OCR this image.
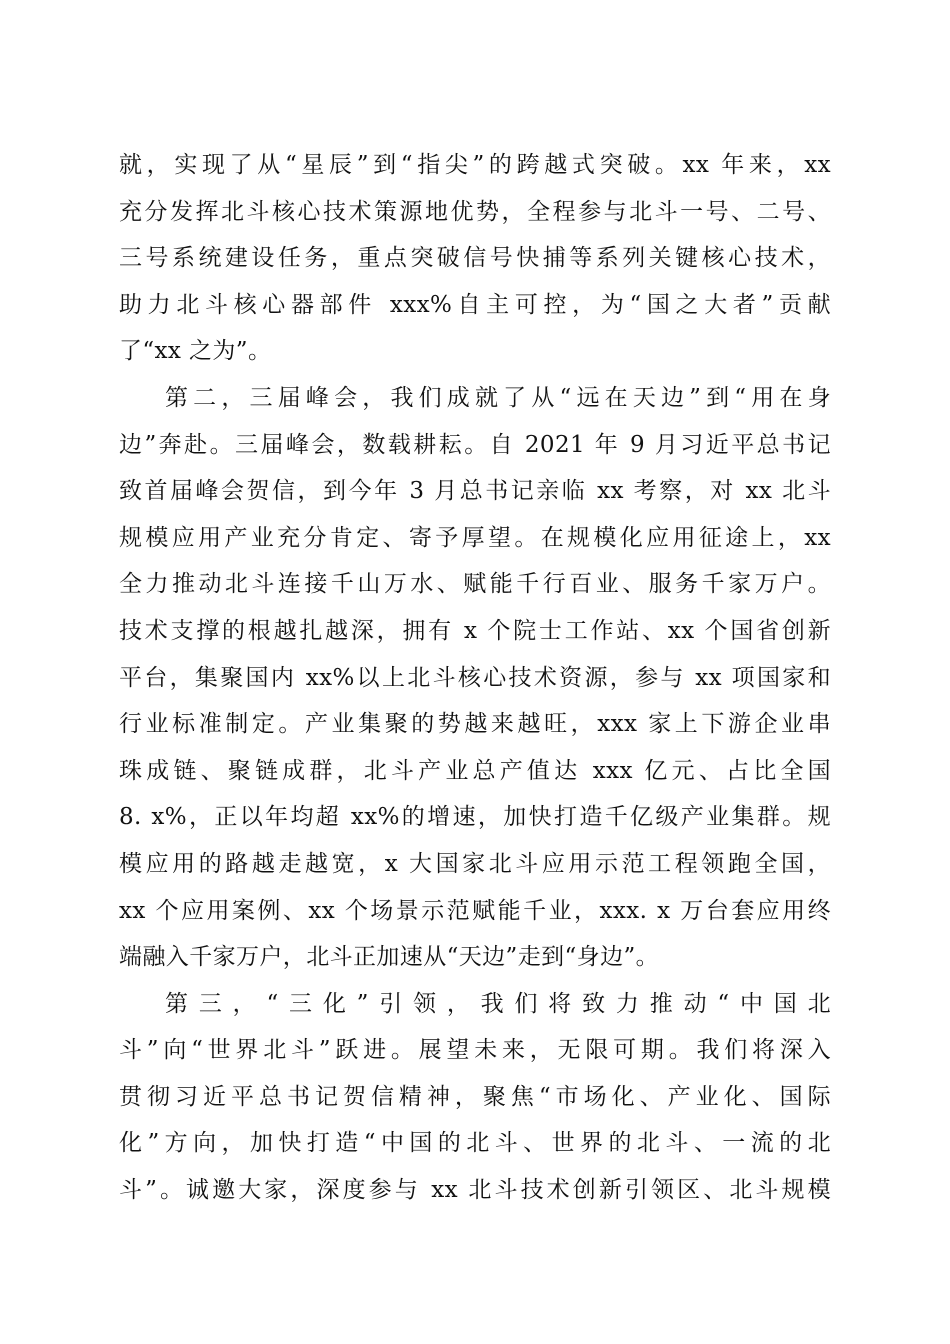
就，实现了从“星辰”到“指尖”的跨越式突破。xx 年来，xx
充分发挥北斗核心技术策源地优势，全程参与北斗一号、二号、
三号系统建设任务，重点突破信号快捕等系列关键核心技术，
助力北斗核心器部件 xxx%自主可控，为“国之大者”贡献
了“xx 之为”。

第二，三届峰会，我们成就了从“远在天边”到“用在身
边”奔赴。三届峰会，数载耕耘。自 2021 年 9 月习近平总书记
致首届峰会贺信，到今年 3 月总书记亲临 xx 考察，对 xx 北斗
规模应用产业充分肯定、寄予厚望。在规模化应用征途上，xx
全力推动北斗连接千山万水、赋能千行百业、服务千家万户。
技术支撑的根越扎越深，拥有 x 个院士工作站、xx 个国省创新
平台，集聚国内 xx%以上北斗核心技术资源，参与 xx 项国家和
行业标准制定。产业集聚的势越来越旺，xxx 家上下游企业串
珠成链、聚链成群，北斗产业总产值达 xxx 亿元、占比全国
8. x%，正以年均超 xx%的增速，加快打造千亿级产业集群。规
模应用的路越走越宽，x 大国家北斗应用示范工程领跑全国，
xx 个应用案例、xx 个场景示范赋能千业，xxx. x 万台套应用终
端融入千家万户，北斗正加速从“天边”走到“身边”。

第三，“三化”引领，我们将致力推动“中国北
斗”向“世界北斗”跃进。展望未来，无限可期。我们将深入
贯彻习近平总书记贺信精神，聚焦“市场化、产业化、国际
化”方向，加快打造“中国的北斗、世界的北斗、一流的北
斗”。诚邀大家，深度参与 xx 北斗技术创新引领区、北斗规模
